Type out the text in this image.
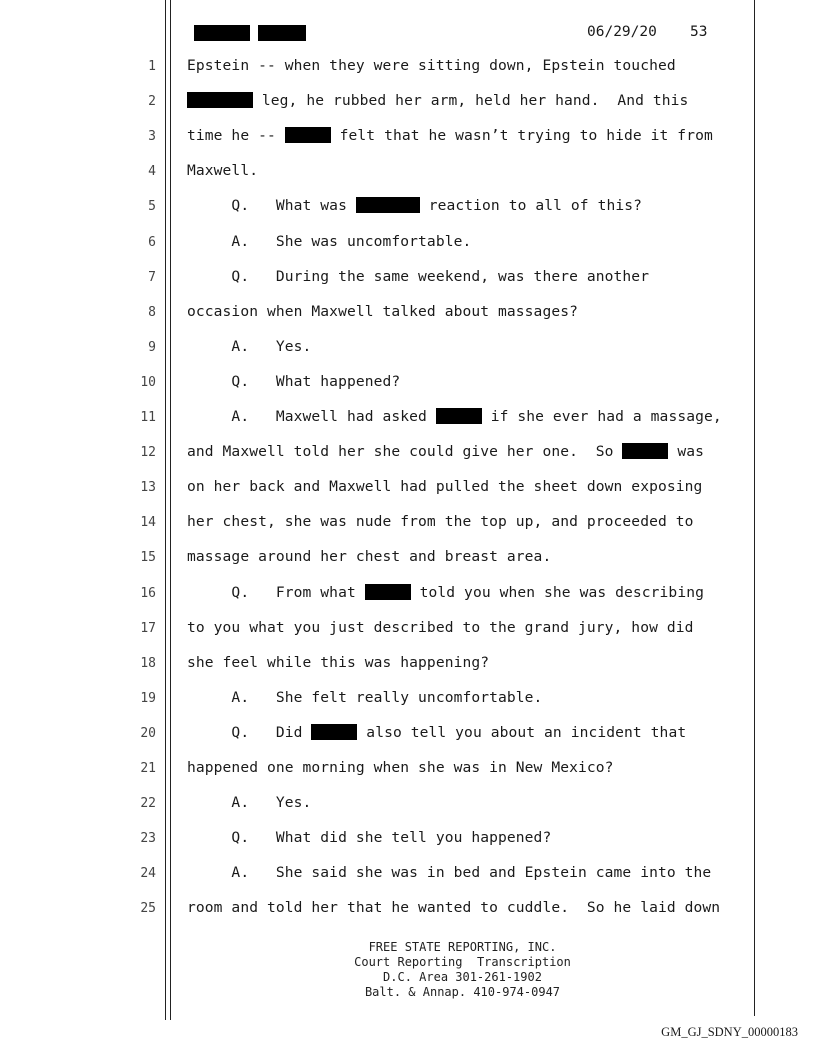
06/29/20 53
1 Epstein -- when they were sitting down, Epstein touched
2	leg, he rubbed her arm, held her hand.  And this
3 time he --	felt that he wasn’t trying to hide it from
4 Maxwell.
5 Q.   What was	reaction to all of this?
6 A.   She was uncomfortable.
7 Q.   During the same weekend, was there another
8 occasion when Maxwell talked about massages?
9 A.   Yes.
10 Q.   What happened?
11 A.   Maxwell had asked	if she ever had a massage,
12 and Maxwell told her she could give her one.  So	was
13 on her back and Maxwell had pulled the sheet down exposing
14 her chest, she was nude from the top up, and proceeded to
15 massage around her chest and breast area.
16 Q.   From what	told you when she was describing
17 to you what you just described to the grand jury, how did
18 she feel while this was happening?
19 A.   She felt really uncomfortable.
20 Q.   Did	also tell you about an incident that
21 happened one morning when she was in New Mexico?
22 A.   Yes.
23 Q.   What did she tell you happened?
24 A.   She said she was in bed and Epstein came into the
25 room and told her that he wanted to cuddle.  So he laid down
FREE STATE REPORTING, INC.
Court Reporting  Transcription
D.C. Area 301-261-1902
Balt. & Annap. 410-974-0947
GM_GJ_SDNY_00000183
